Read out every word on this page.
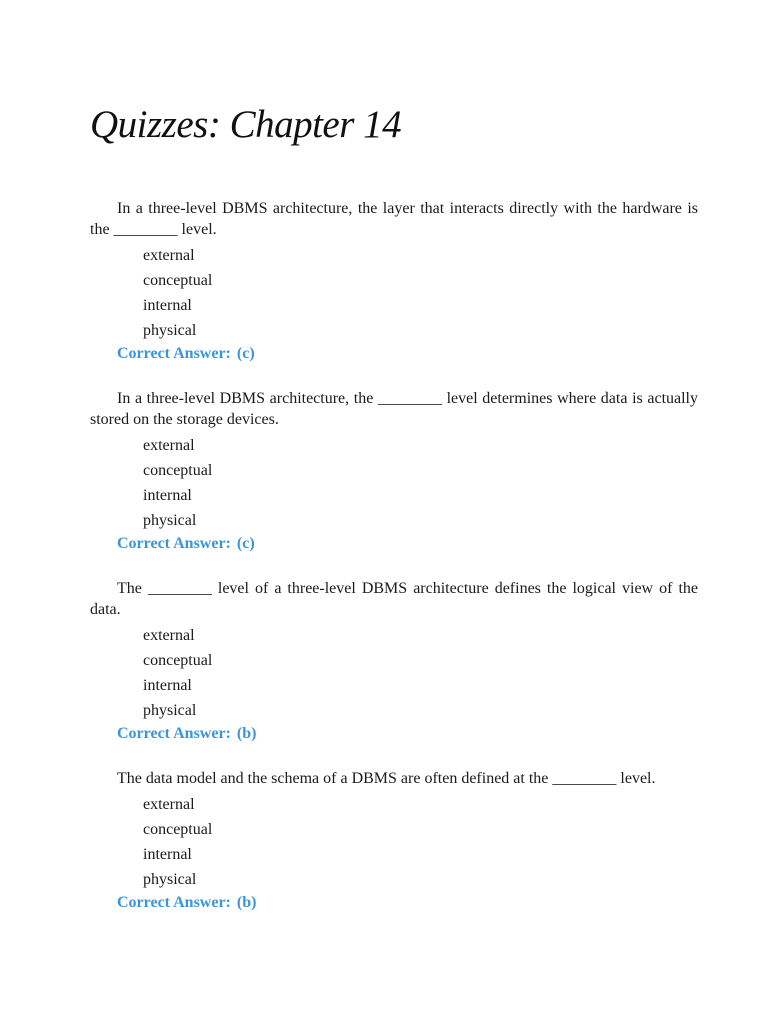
Quizzes: Chapter 14

In a three-level DBMS architecture, the layer that interacts directly with the hardware is the ________ level.

external
conceptual
internal
physical

Correct Answer: (c)

In a three-level DBMS architecture, the ________ level determines where data is actually stored on the storage devices.

external
conceptual
internal
physical

Correct Answer: (c)

The ________ level of a three-level DBMS architecture defines the logical view of the data.

external
conceptual
internal
physical

Correct Answer: (b)

The data model and the schema of a DBMS are often defined at the ________ level.

external
conceptual
internal
physical

Correct Answer: (b)
